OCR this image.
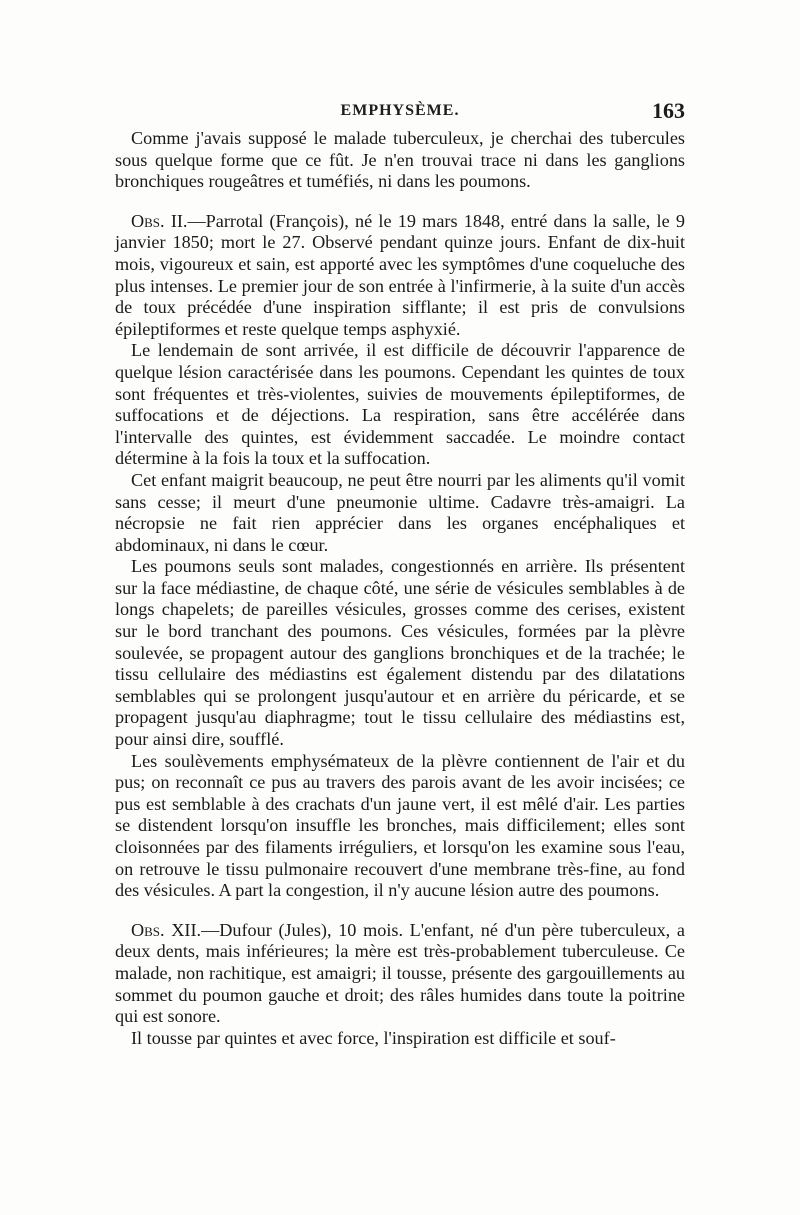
EMPHYSÈME.	163

Comme j'avais supposé le malade tuberculeux, je cherchai des tubercules sous quelque forme que ce fût. Je n'en trouvai trace ni dans les ganglions bronchiques rougeâtres et tuméfiés, ni dans les poumons.

Obs. II.—Parrotal (François), né le 19 mars 1848, entré dans la salle, le 9 janvier 1850; mort le 27. Observé pendant quinze jours. Enfant de dix-huit mois, vigoureux et sain, est apporté avec les symptômes d'une coqueluche des plus intenses. Le premier jour de son entrée à l'infirmerie, à la suite d'un accès de toux précédée d'une inspiration sifflante; il est pris de convulsions épileptiformes et reste quelque temps asphyxié.

Le lendemain de sont arrivée, il est difficile de découvrir l'apparence de quelque lésion caractérisée dans les poumons. Cependant les quintes de toux sont fréquentes et très-violentes, suivies de mouvements épileptiformes, de suffocations et de déjections. La respiration, sans être accélérée dans l'intervalle des quintes, est évidemment saccadée. Le moindre contact détermine à la fois la toux et la suffocation.

Cet enfant maigrit beaucoup, ne peut être nourri par les aliments qu'il vomit sans cesse; il meurt d'une pneumonie ultime. Cadavre très-amaigri. La nécropsie ne fait rien apprécier dans les organes encéphaliques et abdominaux, ni dans le cœur.

Les poumons seuls sont malades, congestionnés en arrière. Ils présentent sur la face médiastine, de chaque côté, une série de vésicules semblables à de longs chapelets; de pareilles vésicules, grosses comme des cerises, existent sur le bord tranchant des poumons. Ces vésicules, formées par la plèvre soulevée, se propagent autour des ganglions bronchiques et de la trachée; le tissu cellulaire des médiastins est également distendu par des dilatations semblables qui se prolongent jusqu'autour et en arrière du péricarde, et se propagent jusqu'au diaphragme; tout le tissu cellulaire des médiastins est, pour ainsi dire, soufflé.

Les soulèvements emphysémateux de la plèvre contiennent de l'air et du pus; on reconnaît ce pus au travers des parois avant de les avoir incisées; ce pus est semblable à des crachats d'un jaune vert, il est mêlé d'air. Les parties se distendent lorsqu'on insuffle les bronches, mais difficilement; elles sont cloisonnées par des filaments irréguliers, et lorsqu'on les examine sous l'eau, on retrouve le tissu pulmonaire recouvert d'une membrane très-fine, au fond des vésicules. A part la congestion, il n'y aucune lésion autre des poumons.

Obs. XII.—Dufour (Jules), 10 mois. L'enfant, né d'un père tuberculeux, a deux dents, mais inférieures; la mère est très-probablement tuberculeuse. Ce malade, non rachitique, est amaigri; il tousse, présente des gargouillements au sommet du poumon gauche et droit; des râles humides dans toute la poitrine qui est sonore.

Il tousse par quintes et avec force, l'inspiration est difficile et souf-
